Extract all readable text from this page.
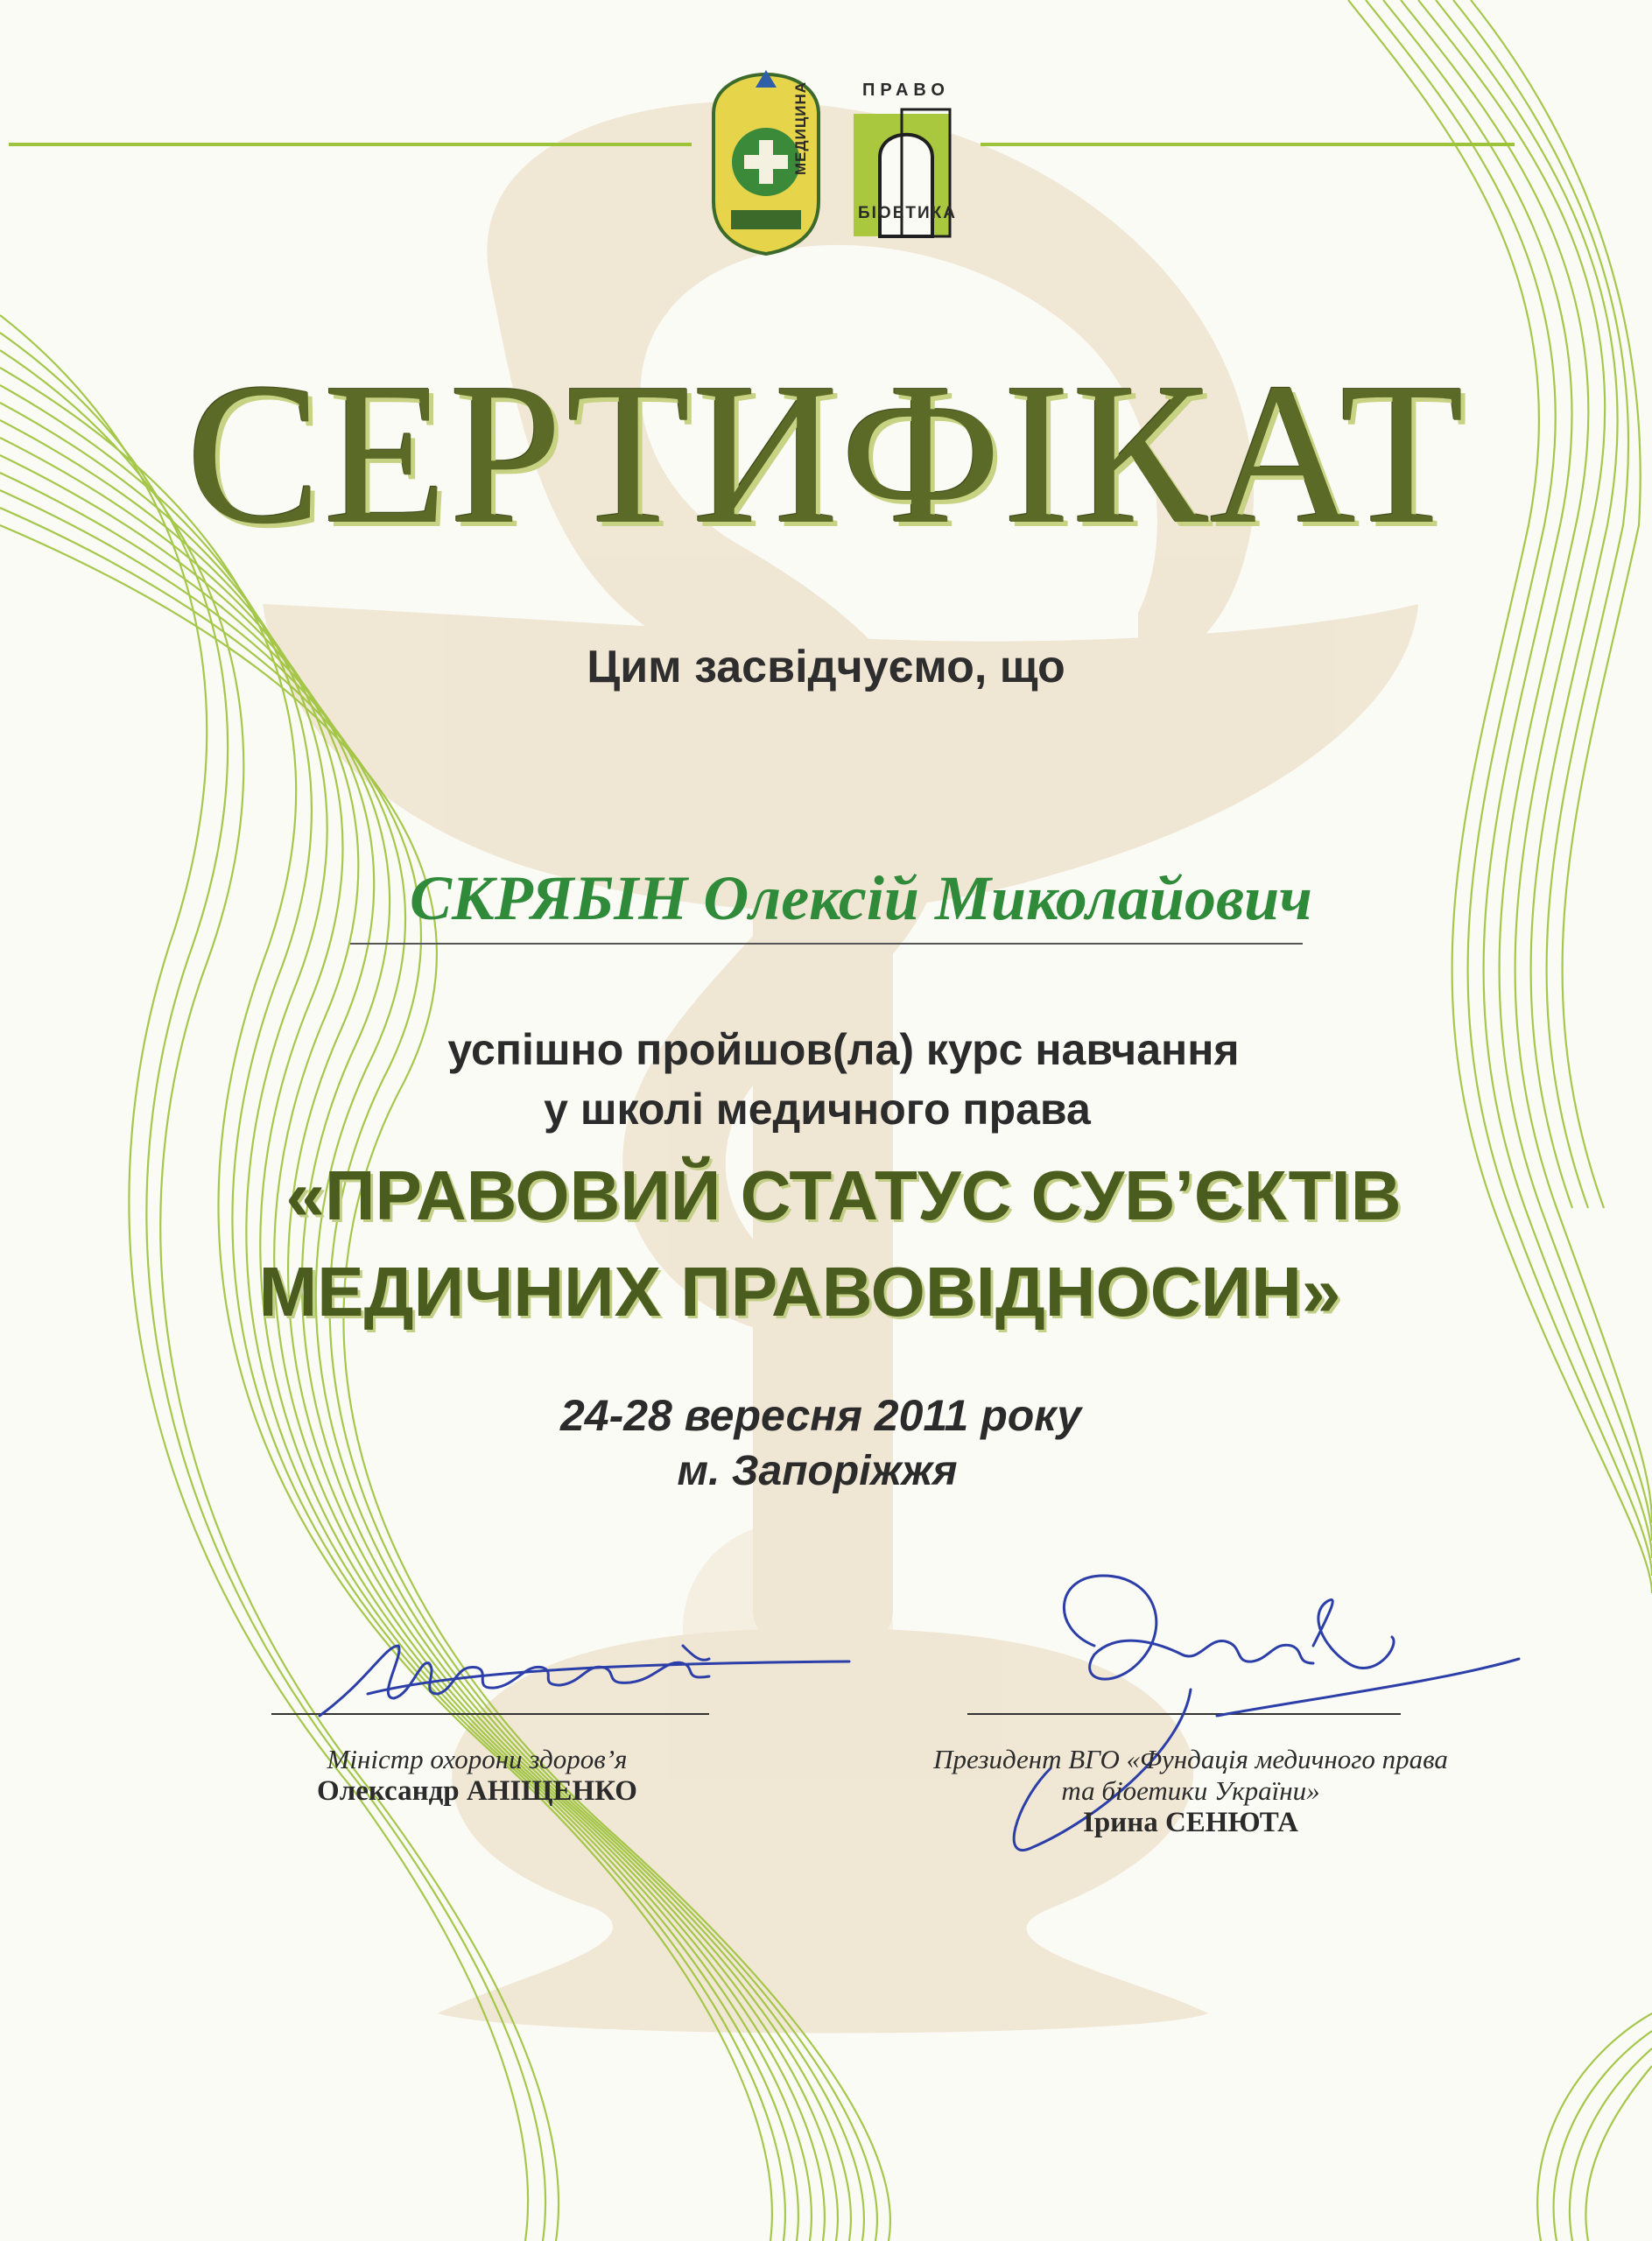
ПРАВО
МЕДИЦИНА
БІОЕТИКА
СЕРТИФІКАТ
Цим засвідчуємо, що
СКРЯБІН Олексій Миколайович
успішно пройшов(ла) курс навчання
у школі медичного права
«ПРАВОВИЙ СТАТУС СУБ’ЄКТІВ
МЕДИЧНИХ ПРАВОВІДНОСИН»
24-28 вересня 2011 року
м. Запоріжжя
Міністр охорони здоров’я
Олександр АНІЩЕНКО
Президент ВГО «Фундація медичного права
та біоетики України»
Ірина СЕНЮТА
